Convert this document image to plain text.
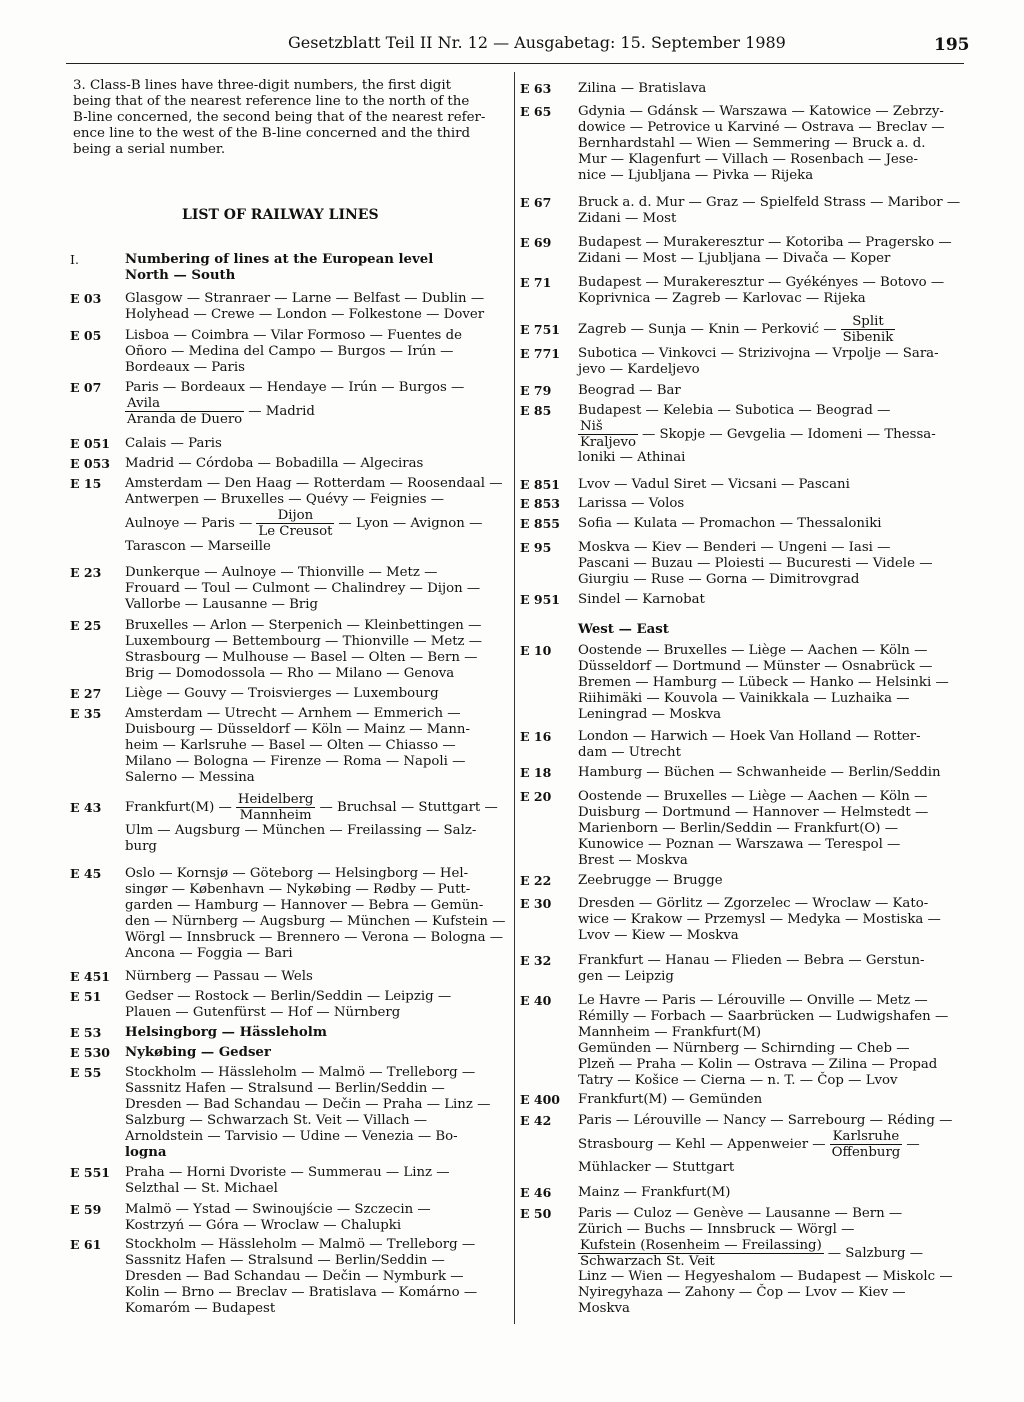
Gesetzblatt Teil II Nr. 12 — Ausgabetag: 15. September 1989	195
3. Class-B lines have three-digit numbers, the first digit
being that of the nearest reference line to the north of the
B-line concerned, the second being that of the nearest refer-
ence line to the west of the B-line concerned and the third
being a serial number.
LIST OF RAILWAY LINES
I.	Numbering of lines at the European level
North — South
E 03	Glasgow — Stranraer — Larne — Belfast — Dublin —
Holyhead — Crewe — London — Folkestone — Dover
E 05	Lisboa — Coimbra — Vilar Formoso — Fuentes de
Oñoro — Medina del Campo — Burgos — Irún —
Bordeaux — Paris
E 07	Paris — Bordeaux — Hendaye — Irún — Burgos —
$\frac{\text{Avila}}{\text{Aranda de Duero}}$ — Madrid
E 051	Calais — Paris
E 053	Madrid — Córdoba — Bobadilla — Algeciras
E 15	Amsterdam — Den Haag — Rotterdam — Roosendaal —
Antwerpen — Bruxelles — Quévy — Feignies —
Aulnoye — Paris — $\frac{\text{Dijon}}{\text{Le Creusot}}$ — Lyon — Avignon —
Tarascon — Marseille
E 23	Dunkerque — Aulnoye — Thionville — Metz —
Frouard — Toul — Culmont — Chalindrey — Dijon —
Vallorbe — Lausanne — Brig
E 25	Bruxelles — Arlon — Sterpenich — Kleinbettingen —
Luxembourg — Bettembourg — Thionville — Metz —
Strasbourg — Mulhouse — Basel — Olten — Bern —
Brig — Domodossola — Rho — Milano — Genova
E 27	Liège — Gouvy — Troisvierges — Luxembourg
E 35	Amsterdam — Utrecht — Arnhem — Emmerich —
Duisbourg — Düsseldorf — Köln — Mainz — Mann-
heim — Karlsruhe — Basel — Olten — Chiasso —
Milano — Bologna — Firenze — Roma — Napoli —
Salerno — Messina
E 43	Frankfurt(M) — $\frac{\text{Heidelberg}}{\text{Mannheim}}$ — Bruchsal — Stuttgart —
Ulm — Augsburg — München — Freilassing — Salz-
burg
E 45	Oslo — Kornsjø — Göteborg — Helsingborg — Hel-
singør — København — Nykøbing — Rødby — Putt-
garden — Hamburg — Hannover — Bebra — Gemün-
den — Nürnberg — Augsburg — München — Kufstein —
Wörgl — Innsbruck — Brennero — Verona — Bologna —
Ancona — Foggia — Bari
E 451	Nürnberg — Passau — Wels
E 51	Gedser — Rostock — Berlin/Seddin — Leipzig —
Plauen — Gutenfürst — Hof — Nürnberg
E 53	Helsingborg — Hässleholm
E 530	Nykøbing — Gedser
E 55	Stockholm — Hässleholm — Malmö — Trelleborg —
Sassnitz Hafen — Stralsund — Berlin/Seddin —
Dresden — Bad Schandau — Dečin — Praha — Linz —
Salzburg — Schwarzach St. Veit — Villach —
Arnoldstein — Tarvisio — Udine — Venezia — Bo-
logna
E 551	Praha — Horni Dvoriste — Summerau — Linz —
Selzthal — St. Michael
E 59	Malmö — Ystad — Swinoujście — Szczecin —
Kostrzyń — Góra — Wroclaw — Chalupki
E 61	Stockholm — Hässleholm — Malmö — Trelleborg —
Sassnitz Hafen — Stralsund — Berlin/Seddin —
Dresden — Bad Schandau — Dečin — Nymburk —
Kolin — Brno — Breclav — Bratislava — Komárno —
Komaróm — Budapest
E 63	Zilina — Bratislava
E 65	Gdynia — Gdánsk — Warszawa — Katowice — Zebrzy-
dowice — Petrovice u Karviné — Ostrava — Breclav —
Bernhardstahl — Wien — Semmering — Bruck a. d.
Mur — Klagenfurt — Villach — Rosenbach — Jese-
nice — Ljubljana — Pivka — Rijeka
E 67	Bruck a. d. Mur — Graz — Spielfeld Strass — Maribor —
Zidani — Most
E 69	Budapest — Murakeresztur — Kotoriba — Pragersko —
Zidani — Most — Ljubljana — Divača — Koper
E 71	Budapest — Murakeresztur — Gyékényes — Botovo —
Koprivnica — Zagreb — Karlovac — Rijeka
E 751	Zagreb — Sunja — Knin — Perković — $\frac{\text{Split}}{\text{Sibenik}}$
E 771	Subotica — Vinkovci — Strizivojna — Vrpolje — Sara-
jevo — Kardeljevo
E 79	Beograd — Bar
E 85	Budapest — Kelebia — Subotica — Beograd —
$\frac{\text{Niš}}{\text{Kraljevo}}$ — Skopje — Gevgelia — Idomeni — Thessa-
loniki — Athinai
E 851	Lvov — Vadul Siret — Vicsani — Pascani
E 853	Larissa — Volos
E 855	Sofia — Kulata — Promachon — Thessaloniki
E 95	Moskva — Kiev — Benderi — Ungeni — Iasi —
Pascani — Buzau — Ploiesti — Bucuresti — Videle —
Giurgiu — Ruse — Gorna — Dimitrovgrad
E 951	Sindel — Karnobat
West — East
E 10	Oostende — Bruxelles — Liège — Aachen — Köln —
Düsseldorf — Dortmund — Münster — Osnabrück —
Bremen — Hamburg — Lübeck — Hanko — Helsinki —
Riihimäki — Kouvola — Vainikkala — Luzhaika —
Leningrad — Moskva
E 16	London — Harwich — Hoek Van Holland — Rotter-
dam — Utrecht
E 18	Hamburg — Büchen — Schwanheide — Berlin/Seddin
E 20	Oostende — Bruxelles — Liège — Aachen — Köln —
Duisburg — Dortmund — Hannover — Helmstedt —
Marienborn — Berlin/Seddin — Frankfurt(O) —
Kunowice — Poznan — Warszawa — Terespol —
Brest — Moskva
E 22	Zeebrugge — Brugge
E 30	Dresden — Görlitz — Zgorzelec — Wroclaw — Kato-
wice — Krakow — Przemysl — Medyka — Mostiska —
Lvov — Kiew — Moskva
E 32	Frankfurt — Hanau — Flieden — Bebra — Gerstun-
gen — Leipzig
E 40	Le Havre — Paris — Lérouville — Onville — Metz —
Rémilly — Forbach — Saarbrücken — Ludwigshafen —
Mannheim — Frankfurt(M)
Gemünden — Nürnberg — Schirnding — Cheb —
Plzeň — Praha — Kolin — Ostrava — Zilina — Propad
Tatry — Košice — Cierna — n. T. — Čop — Lvov
E 400	Frankfurt(M) — Gemünden
E 42	Paris — Lérouville — Nancy — Sarrebourg — Réding —
Strasbourg — Kehl — Appenweier — $\frac{\text{Karlsruhe}}{\text{Offenburg}}$ —
Mühlacker — Stuttgart
E 46	Mainz — Frankfurt(M)
E 50	Paris — Culoz — Genève — Lausanne — Bern —
Zürich — Buchs — Innsbruck — Wörgl —
$\frac{\text{Kufstein (Rosenheim — Freilassing)}}{\text{Schwarzach St. Veit}}$ — Salzburg —
Linz — Wien — Hegyeshalom — Budapest — Miskolc —
Nyiregyhaza — Zahony — Čop — Lvov — Kiev —
Moskva
